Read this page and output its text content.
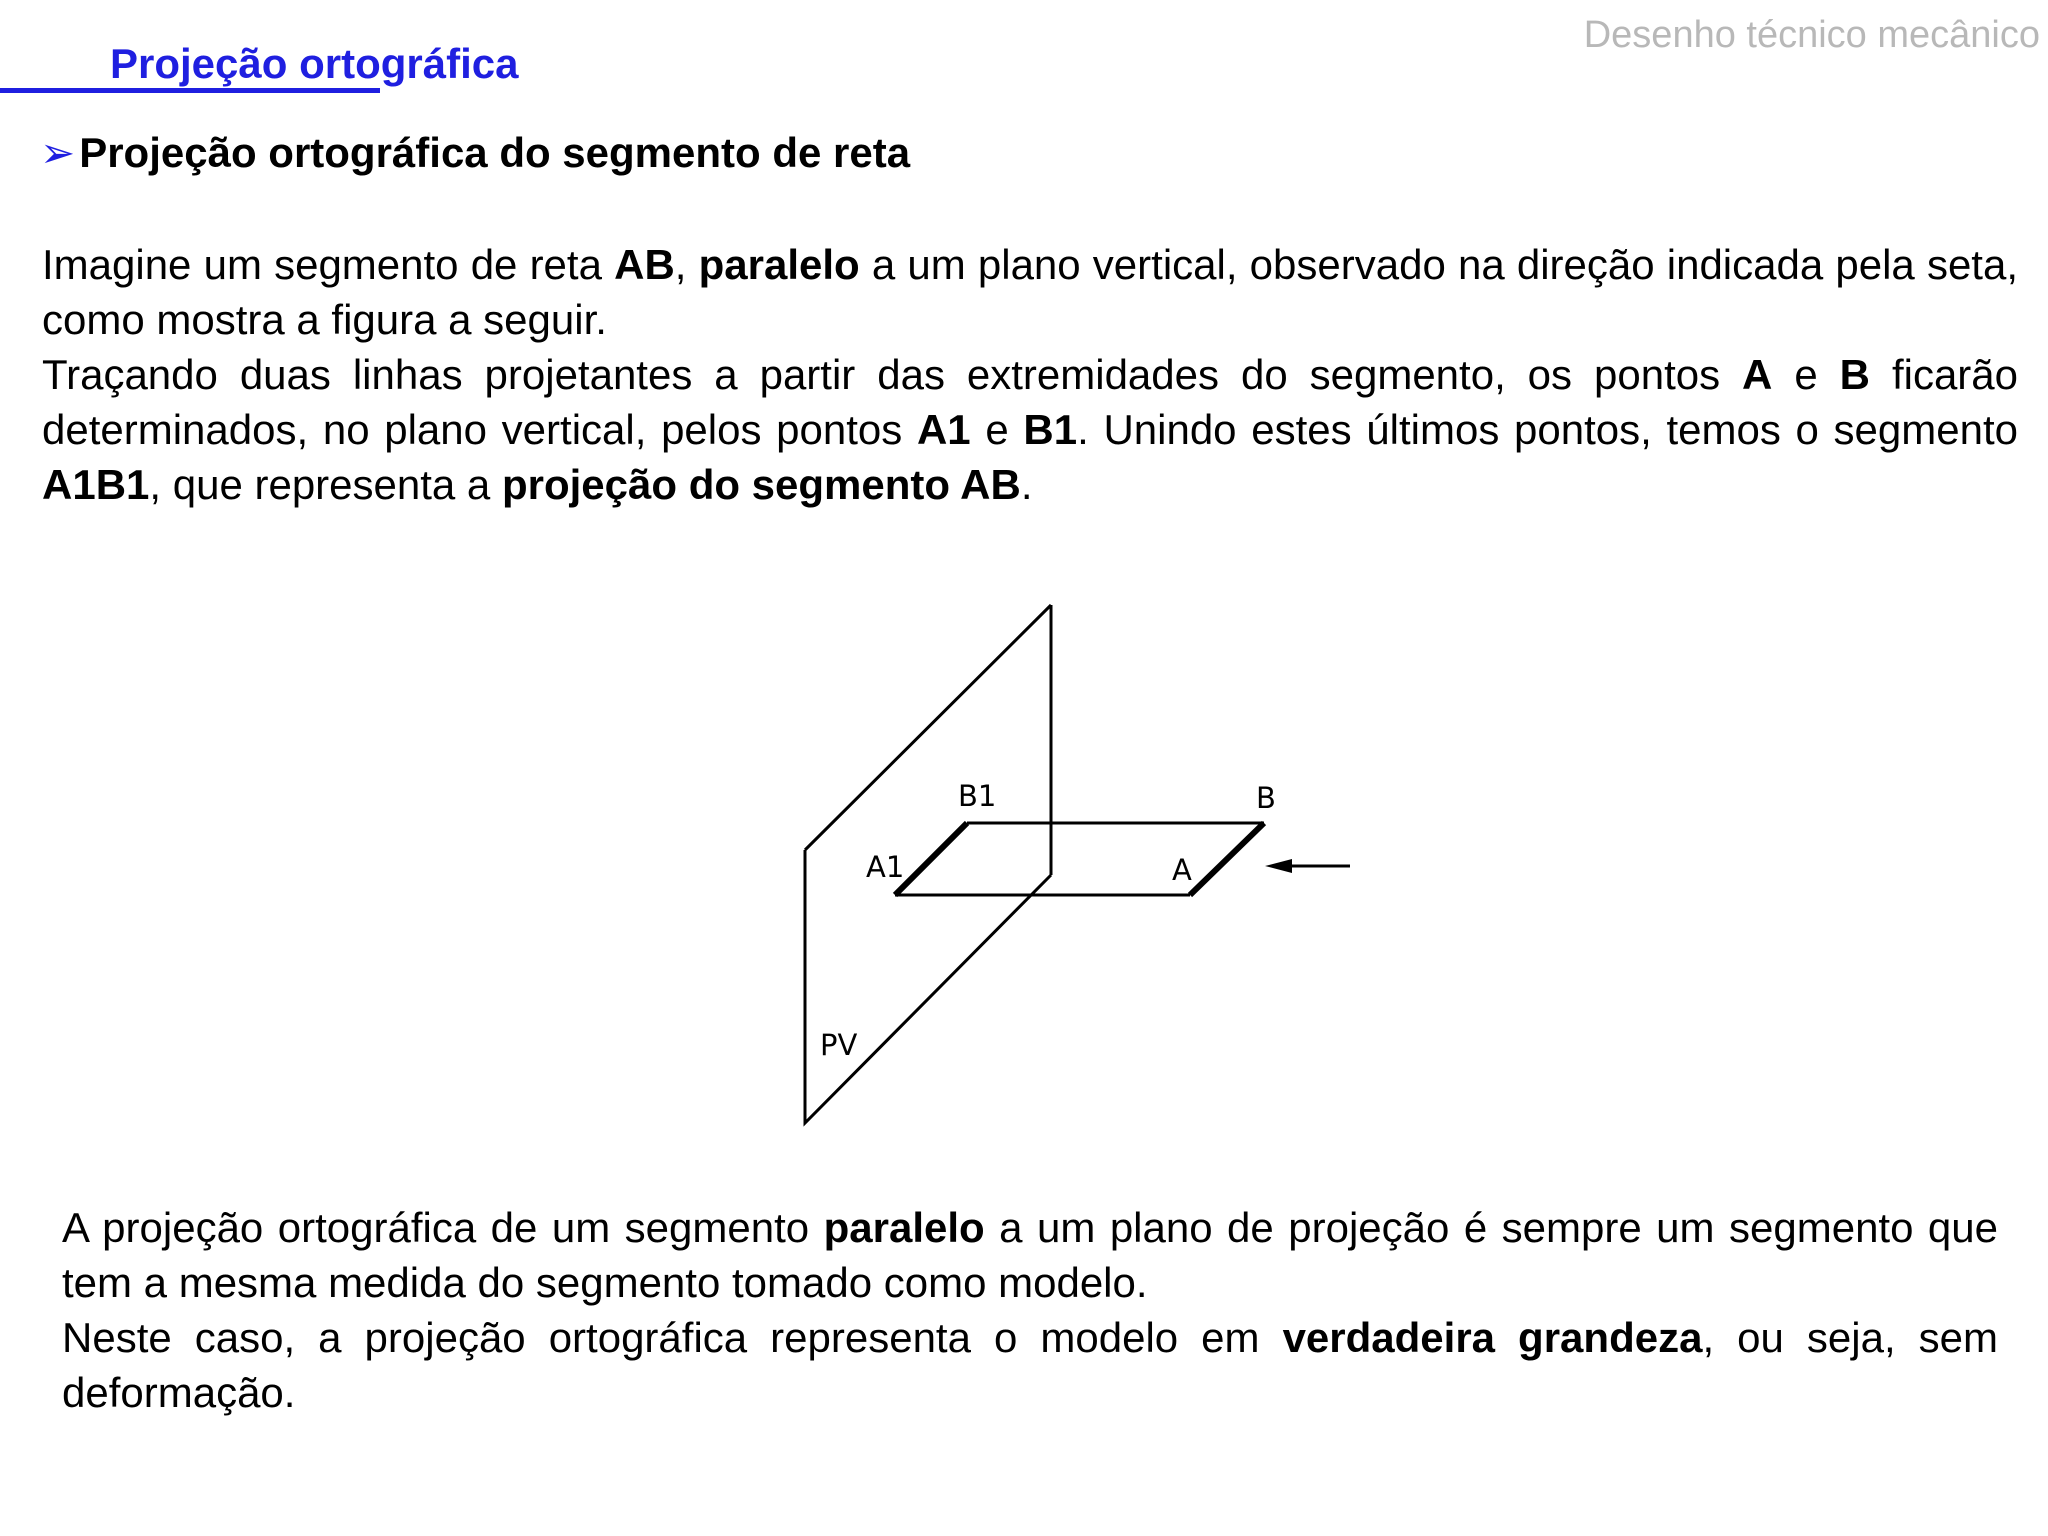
Desenho técnico mecânico
Projeção ortográfica
➢Projeção ortográfica do segmento de reta

Imagine um segmento de reta AB, paralelo a um plano vertical, observado na direção indicada pela seta, como mostra a figura a seguir.

Traçando duas linhas projetantes a partir das extremidades do segmento, os pontos A e B ficarão determinados, no plano vertical, pelos pontos A1 e B1. Unindo estes últimos pontos, temos o segmento A1B1, que representa a projeção do segmento AB.

B1	B
A1	A
PV

A projeção ortográfica de um segmento paralelo a um plano de projeção é sempre um segmento que tem a mesma medida do segmento tomado como modelo.

Neste caso, a projeção ortográfica representa o modelo em verdadeira grandeza, ou seja, sem deformação.
